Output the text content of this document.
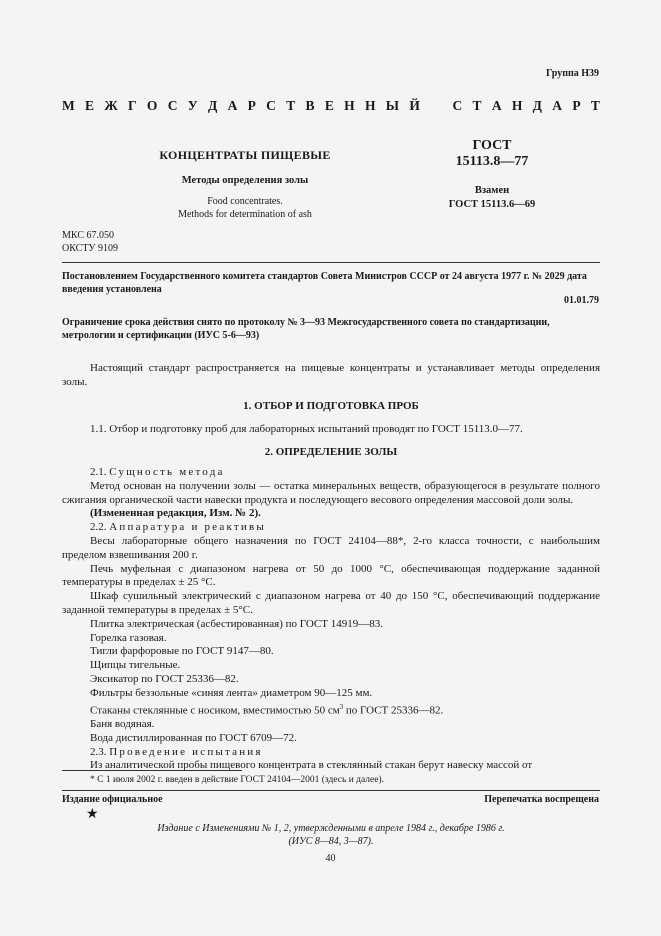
Группа Н39
М Е Ж Г О С У Д А Р С Т В Е Н Н Ы Й С Т А Н Д А Р Т
КОНЦЕНТРАТЫ ПИЩЕВЫЕ
Методы определения золы
Food concentrates.
Methods for determination of ash
ГОСТ
15113.8—77
Взамен
ГОСТ 15113.6—69
МКС 67.050
ОКСТУ 9109
Постановлением Государственного комитета стандартов Совета Министров СССР от 24 августа 1977 г. № 2029 дата введения установлена
01.01.79
Ограничение срока действия снято по протоколу № 3—93 Межгосударственного совета по стандартизации, метрологии и сертификации (ИУС 5-6—93)
Настоящий стандарт распространяется на пищевые концентраты и устанавливает методы определения золы.
1. ОТБОР И ПОДГОТОВКА ПРОБ
1.1. Отбор и подготовку проб для лабораторных испытаний проводят по ГОСТ 15113.0—77.
2. ОПРЕДЕЛЕНИЕ ЗОЛЫ
2.1. Сущность метода
Метод основан на получении золы — остатка минеральных веществ, образующегося в результате полного сжигания органической части навески продукта и последующего весового определения массовой доли золы.
(Измененная редакция, Изм. № 2).
2.2. Аппаратура и реактивы
Весы лабораторные общего назначения по ГОСТ 24104—88*, 2-го класса точности, с наибольшим пределом взвешивания 200 г.
Печь муфельная с диапазоном нагрева от 50 до 1000 °С, обеспечивающая поддержание заданной температуры в пределах ± 25 °С.
Шкаф сушильный электрический с диапазоном нагрева от 40 до 150 °С, обеспечивающий поддержание заданной температуры в пределах ± 5°С.
Плитка электрическая (асбестированная) по ГОСТ 14919—83.
Горелка газовая.
Тигли фарфоровые по ГОСТ 9147—80.
Щипцы тигельные.
Эксикатор по ГОСТ 25336—82.
Фильтры беззольные «синяя лента» диаметром 90—125 мм.
Стаканы стеклянные с носиком, вместимостью 50 $см^3$ по ГОСТ 25336—82.
Баня водяная.
Вода дистиллированная по ГОСТ 6709—72.
2.3. Проведение испытания
Из аналитической пробы пищевого концентрата в стеклянный стакан берут навеску массой от
* С 1 июля 2002 г. введен в действие ГОСТ 24104—2001 (здесь и далее).
Издание официальное	Перепечатка воспрещена
★
Издание с Изменениями № 1, 2, утвержденными в апреле 1984 г., декабре 1986 г.
(ИУС 8—84, 3—87).
40
